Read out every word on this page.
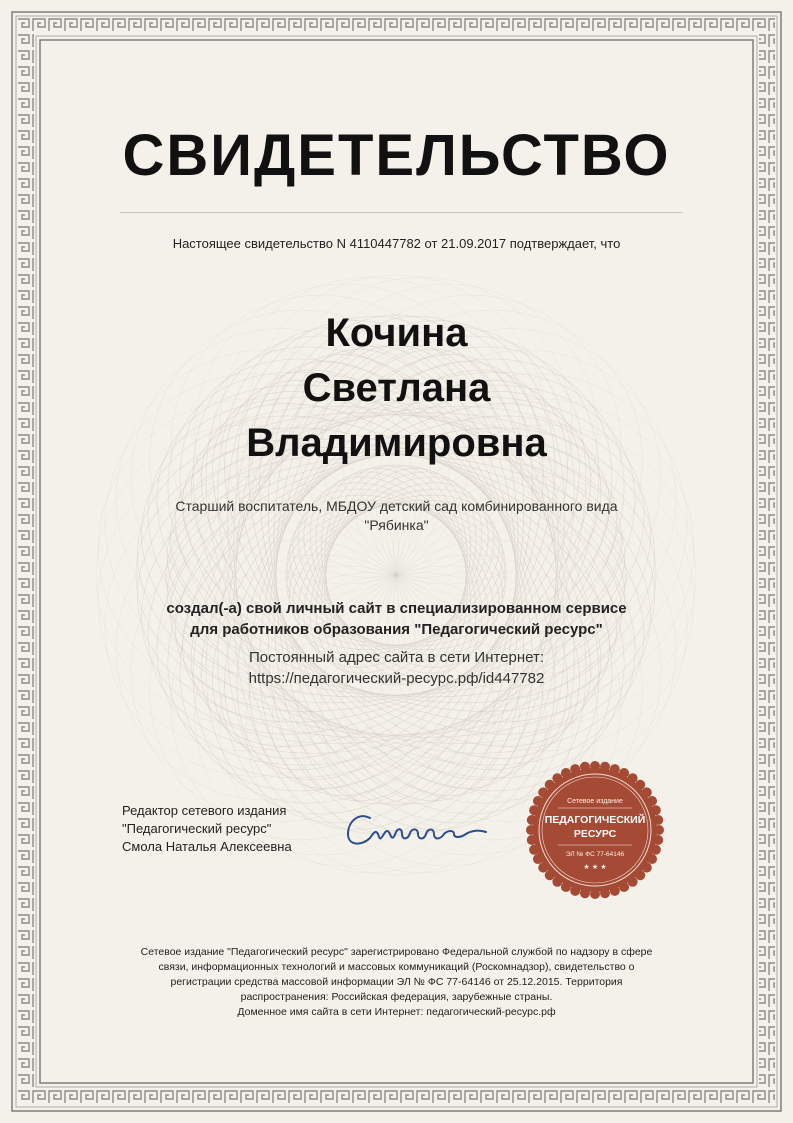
СВИДЕТЕЛЬСТВО
Настоящее свидетельство N 4110447782 от 21.09.2017 подтверждает, что
Кочина
Светлана
Владимировна
Старший воспитатель, МБДОУ детский сад комбинированного вида
"Рябинка"
создал(-а) свой личный сайт в специализированном сервисе
для работников образования "Педагогический ресурс"
Постоянный адрес сайта в сети Интернет:
https://педагогический-ресурс.рф/id447782
Редактор сетевого издания
"Педагогический ресурс"
Смола Наталья Алексеевна
Сетевое издание
ПЕДАГОГИЧЕСКИЙ
РЕСУРС
ЭЛ № ФС 77-64146
★ ★ ★
Сетевое издание "Педагогический ресурс" зарегистрировано Федеральной службой по надзору в сфере
связи, информационных технологий и массовых коммуникаций (Роскомнадзор), свидетельство о
регистрации средства массовой информации ЭЛ № ФС 77-64146 от 25.12.2015. Территория
распространения: Российская федерация, зарубежные страны.
Доменное имя сайта в сети Интернет: педагогический-ресурс.рф
